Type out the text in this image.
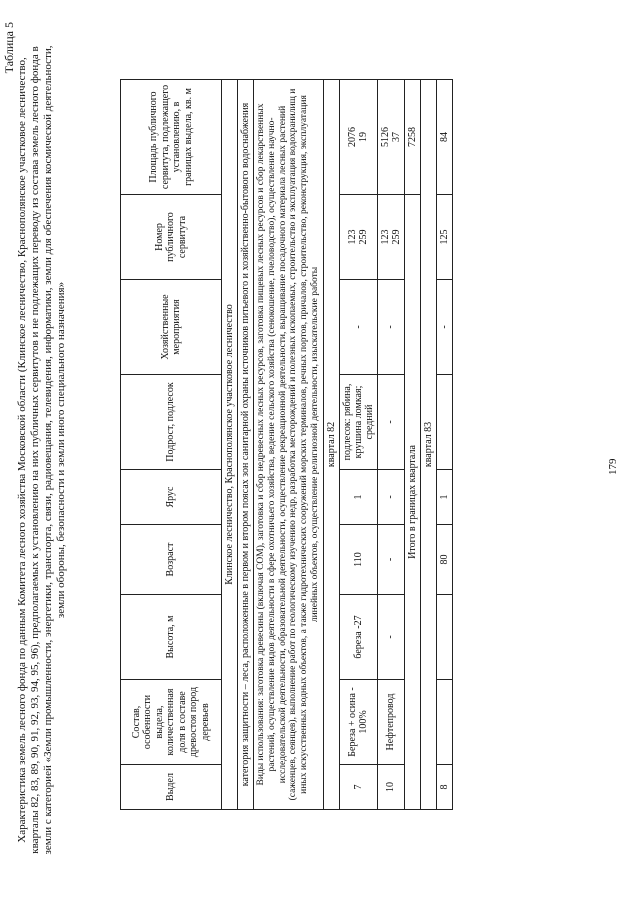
Таблица 5
Характеристика земель лесного фонда по данным Комитета лесного хозяйства Московской области (Клинское лесничество, Краснополянское участковое лесничество, кварталы 82, 83, 89, 90, 91, 92, 93, 94, 95, 96), предполагаемых к установлению на них публичных сервитутов и не подлежащих переводу из состава земель лесного фонда в земли с категорией «Земли промышленности, энергетики, транспорта, связи, радиовещания, телевидения, информатики, земли для обеспечения космической деятельности, земли обороны, безопасности и земли иного специального назначения»
Выдел	Состав, особенности выдела, количественная доля в составе древостоя пород деревьев	Высота, м	Возраст	Ярус	Подрост, подлесок	Хозяйственные мероприятия	Номер публичного сервитута	Площадь публичного сервитута, подлежащего установлению, в границах выдела, кв. м
Клинское лесничество, Краснополянское участковое лесничество								
категория защитности – леса, расположенные в первом и втором поясах зон санитарной охраны источников питьевого и хозяйственно-бытового водоснабжения								
Виды использования: заготовка древесины (включая СОМ), заготовка и сбор недревесных лесных ресурсов, заготовка пищевых лесных ресурсов и сбор лекарственных растений, осуществление видов деятельности в сфере охотничьего хозяйства, ведение сельского хозяйства (сенокошение, пчеловодство), осуществление научно-исследовательской деятельности, образовательной деятельности, осуществление рекреационной деятельности, выращивание посадочного материала лесных растений (саженцев, сеянцев), выполнение работ по геологическому изучению недр, разработка месторождений и полезных ископаемых, строительство и эксплуатация водохранилищ и иных искусственных водных объектов, а также гидротехнических сооружений морских терминалов, речных портов, причалов, строительство, реконструкция, эксплуатация линейных объектов, осуществление религиозной деятельности, изыскательские работы								
квартал 82								
7	Береза + осина - 100%	береза -27	110	1	подлесок: рябина, крушина ломкая; средний	-	123 259	2076 19

10	Нефтепровод	-	-	-	-	-	123 259	5126 37

Итого в границах квартала								7258
квартал 83								
8			80	1		-	125	84
179
